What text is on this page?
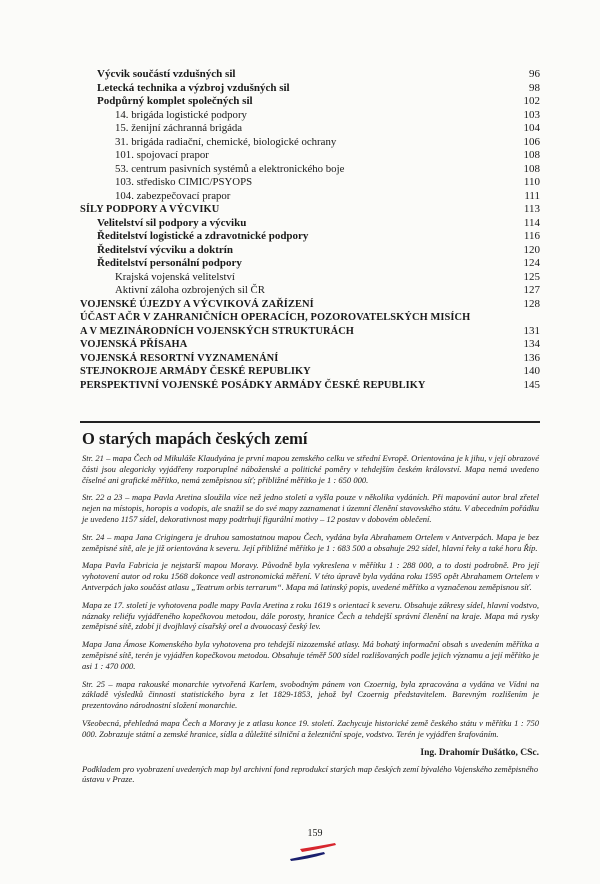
Výcvik součástí vzdušných sil	96
Letecká technika a výzbroj vzdušných sil	98
Podpůrný komplet společných sil	102
14. brigáda logistické podpory	103
15. ženijní záchranná brigáda	104
31. brigáda radiační, chemické, biologické ochrany	106
101. spojovací prapor	108
53. centrum pasivních systémů a elektronického boje	108
103. středisko CIMIC/PSYOPS	110
104. zabezpečovací prapor	111
SÍLY PODPORY A VÝCVIKU	113
Velitelství sil podpory a výcviku	114
Ředitelství logistické a zdravotnické podpory	116
Ředitelství výcviku a doktrín	120
Ředitelství personální podpory	124
Krajská vojenská velitelství	125
Aktivní záloha ozbrojených sil ČR	127
VOJENSKÉ ÚJEZDY A VÝCVIKOVÁ ZAŘÍZENÍ	128
ÚČAST AČR V ZAHRANIČNÍCH OPERACÍCH, POZOROVATELSKÝCH MISÍCH
A V MEZINÁRODNÍCH VOJENSKÝCH STRUKTURÁCH	131
VOJENSKÁ PŘÍSAHA	134
VOJENSKÁ RESORTNÍ VYZNAMENÁNÍ	136
STEJNOKROJE ARMÁDY ČESKÉ REPUBLIKY	140
PERSPEKTIVNÍ VOJENSKÉ POSÁDKY ARMÁDY ČESKÉ REPUBLIKY	145
O starých mapách českých zemí

Str. 21 – mapa Čech od Mikuláše Klaudyána je první mapou zemského celku ve střední Evropě. Orientována je k jihu, v její obrazové části jsou alegoricky vyjádřeny rozporuplné náboženské a politické poměry v tehdejším českém království. Mapa nemá uvedeno číselné ani grafické měřítko, nemá zeměpisnou síť; přibližné měřítko je 1 : 650 000.

Str. 22 a 23 – mapa Pavla Aretina sloužila více než jedno století a vyšla pouze v několika vydáních. Při mapování autor bral zřetel nejen na místopis, horopis a vodopis, ale snažil se do své mapy zaznamenat i územní členění stavovského státu. V abecedním pořádku je uvedeno 1157 sídel, dekorativnost mapy podtrhují figurální motivy – 12 postav v dobovém oblečení.

Str. 24 – mapa Jana Crigingera je druhou samostatnou mapou Čech, vydána byla Abrahamem Ortelem v Antverpách. Mapa je bez zeměpisné sítě, ale je již orientována k severu. Její přibližné měřítko je 1 : 683 500 a obsahuje 292 sídel, hlavní řeky a také horu Říp.

Mapa Pavla Fabricia je nejstarší mapou Moravy. Původně byla vykreslena v měřítku 1 : 288 000, a to dosti podrobně. Pro její vyhotovení autor od roku 1568 dokonce vedl astronomická měření. V této úpravě byla vydána roku 1595 opět Abrahamem Ortelem v Antverpách jako součást atlasu „Teatrum orbis terrarum“. Mapa má latinský popis, uvedené měřítko a vyznačenou zeměpisnou síť.

Mapa ze 17. století je vyhotovena podle mapy Pavla Aretina z roku 1619 s orientací k severu. Obsahuje zákresy sídel, hlavní vodstvo, náznaky reliéfu vyjádřeného kopečkovou metodou, dále porosty, hranice Čech a tehdejší správní členění na kraje. Mapa má rysky zeměpisné sítě, zdobí ji dvojhlavý císařský orel a dvouocasý český lev.

Mapa Jana Ámose Komenského byla vyhotovena pro tehdejší nizozemské atlasy. Má bohatý informační obsah s uvedením měřítka a zeměpisné sítě, terén je vyjádřen kopečkovou metodou. Obsahuje téměř 500 sídel rozlišovaných podle jejich významu a její měřítko je asi 1 : 470 000.

Str. 25 – mapa rakouské monarchie vytvořená Karlem, svobodným pánem von Czoernig, byla zpracována a vydána ve Vídni na základě výsledků činnosti statistického byra z let 1829-1853, jehož byl Czoernig představitelem. Barevným rozlišením je prezentováno národnostní složení monarchie.

Všeobecná, přehledná mapa Čech a Moravy je z atlasu konce 19. století. Zachycuje historické země českého státu v měřítku 1 : 750 000. Zobrazuje státní a zemské hranice, sídla a důležité silniční a železniční spoje, vodstvo. Terén je vyjádřen šrafováním.

Ing. Drahomír Dušátko, CSc.

Podkladem pro vyobrazení uvedených map byl archivní fond reprodukcí starých map českých zemí bývalého Vojenského zeměpisného ústavu v Praze.

159
